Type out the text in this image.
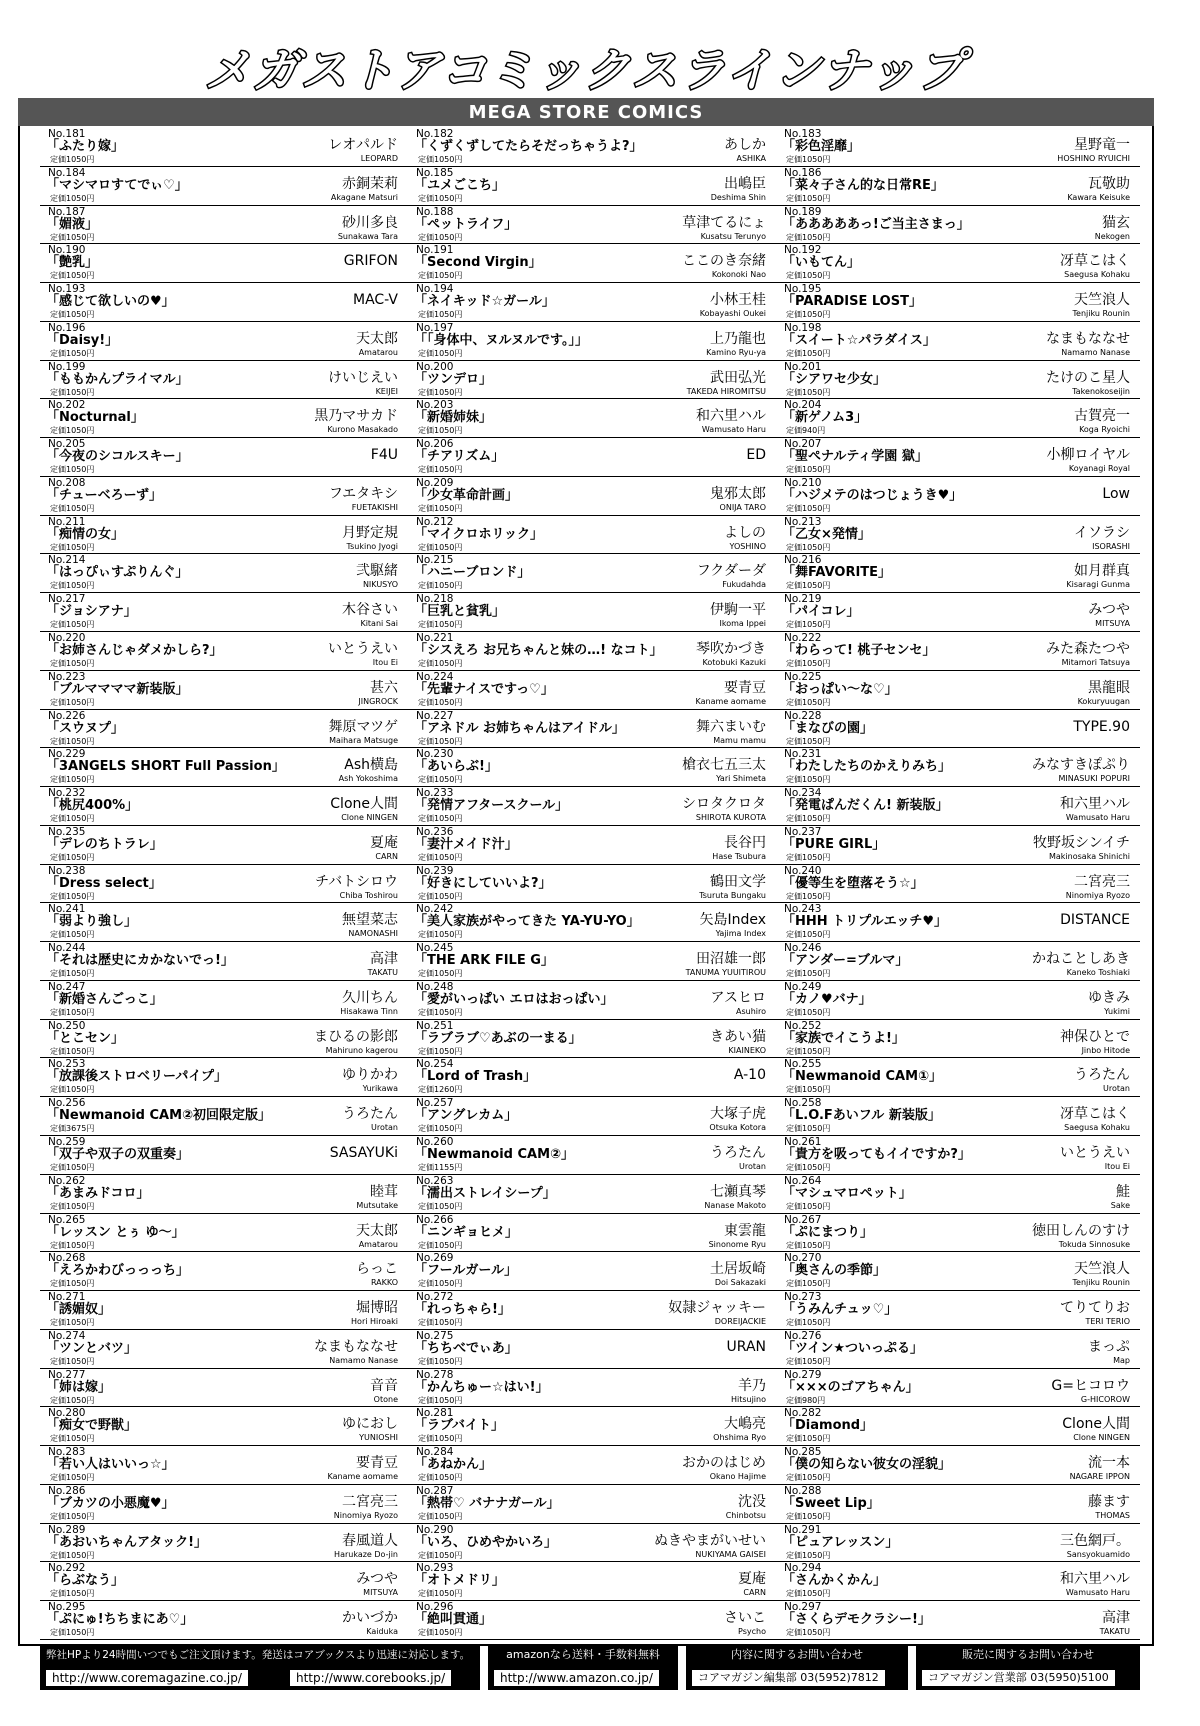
メガストアコミックスラインナップ
MEGA STORE COMICS
No.181
「ふたり嫁」
定価1050円
レオパルド
LEOPARD
No.182
「くずくずしてたらそだっちゃうよ?」
定価1050円
あしか
ASHIKA
No.183
「彩色淫靡」
定価1050円
星野竜一
HOSHINO RYUICHI
No.184
「マシマロすてでぃ♡」
定価1050円
赤銅茉莉
Akagane Matsuri
No.185
「ユメごこち」
定価1050円
出嶋臣
Deshima Shin
No.186
「菜々子さん的な日常RE」
定価1050円
瓦敬助
Kawara Keisuke
No.187
「媚液」
定価1050円
砂川多良
Sunakawa Tara
No.188
「ペットライフ」
定価1050円
草津てるにょ
Kusatsu Terunyo
No.189
「あああああっ!ご当主さまっ」
定価1050円
猫玄
Nekogen
No.190
「艶乳」
定価1050円
GRIFON
No.191
「Second Virgin」
定価1050円
ここのき奈緒
Kokonoki Nao
No.192
「いもてん」
定価1050円
冴草こはく
Saegusa Kohaku
No.193
「感じて欲しいの♥」
定価1050円
MAC-V
No.194
「ネイキッド☆ガール」
定価1050円
小林王桂
Kobayashi Oukei
No.195
「PARADISE LOST」
定価1050円
天竺浪人
Tenjiku Rounin
No.196
「Daisy!」
定価1050円
天太郎
Amatarou
No.197
「「身体中、ヌルヌルです。」」
定価1050円
上乃龍也
Kamino Ryu-ya
No.198
「スイート☆パラダイス」
定価1050円
なまもななせ
Namamo Nanase
No.199
「ももかんプライマル」
定価1050円
けいじえい
KEIJEI
No.200
「ツンデロ」
定価1050円
武田弘光
TAKEDA HIROMITSU
No.201
「シアワセ少女」
定価1050円
たけのこ星人
Takenokoseijin
No.202
「Nocturnal」
定価1050円
黒乃マサカド
Kurono Masakado
No.203
「新婚姉妹」
定価1050円
和六里ハル
Wamusato Haru
No.204
「新ゲノム3」
定価940円
古賀亮一
Koga Ryoichi
No.205
「今夜のシコルスキー」
定価1050円
F4U
No.206
「チアリズム」
定価1050円
ED
No.207
「聖ペナルティ学園 獄」
定価1050円
小柳ロイヤル
Koyanagi Royal
No.208
「チューベろーず」
定価1050円
フエタキシ
FUETAKISHI
No.209
「少女革命計画」
定価1050円
鬼邪太郎
ONIJA TARO
No.210
「ハジメテのはつじょうき♥」
定価1050円
Low
No.211
「痴情の女」
定価1050円
月野定規
Tsukino Jyogi
No.212
「マイクロホリック」
定価1050円
よしの
YOSHINO
No.213
「乙女×発情」
定価1050円
イソラシ
ISORASHI
No.214
「はっぴぃすぷりんぐ」
定価1050円
弐駆緒
NIKUSYO
No.215
「ハニーブロンド」
定価1050円
フクダーダ
Fukudahda
No.216
「舞FAVORITE」
定価1050円
如月群真
Kisaragi Gunma
No.217
「ジョシアナ」
定価1050円
木谷さい
Kitani Sai
No.218
「巨乳と貧乳」
定価1050円
伊駒一平
Ikoma Ippei
No.219
「パイコレ」
定価1050円
みつや
MITSUYA
No.220
「お姉さんじゃダメかしら?」
定価1050円
いとうえい
Itou Ei
No.221
「シスえろ お兄ちゃんと妹の…! なコト」
定価1050円
琴吹かづき
Kotobuki Kazuki
No.222
「わらって! 桃子センセ」
定価1050円
みた森たつや
Mitamori Tatsuya
No.223
「ブルママママ新装版」
定価1050円
甚六
JINGROCK
No.224
「先輩ナイスですっ♡」
定価1050円
要青豆
Kaname aomame
No.225
「おっぱい～な♡」
定価1050円
黒龍眼
Kokuryuugan
No.226
「スウヌプ」
定価1050円
舞原マツゲ
Maihara Matsuge
No.227
「アネドル お姉ちゃんはアイドル」
定価1050円
舞六まいむ
Mamu mamu
No.228
「まなびの園」
定価1050円
TYPE.90
No.229
「3ANGELS SHORT Full Passion」
定価1050円
Ash横島
Ash Yokoshima
No.230
「あいらぶ!」
定価1050円
槍衣七五三太
Yari Shimeta
No.231
「わたしたちのかえりみち」
定価1050円
みなすきぽぷり
MINASUKI POPURI
No.232
「桃尻400%」
定価1050円
Clone人間
Clone NINGEN
No.233
「発情アフタースクール」
定価1050円
シロタクロタ
SHIROTA KUROTA
No.234
「発電ぱんだくん! 新装版」
定価1050円
和六里ハル
Wamusato Haru
No.235
「デレのちトラレ」
定価1050円
夏庵
CARN
No.236
「妻汁メイド汁」
定価1050円
長谷円
Hase Tsubura
No.237
「PURE GIRL」
定価1050円
牧野坂シンイチ
Makinosaka Shinichi
No.238
「Dress select」
定価1050円
チバトシロウ
Chiba Toshirou
No.239
「好きにしていいよ?」
定価1050円
鶴田文学
Tsuruta Bungaku
No.240
「優等生を堕落そう☆」
定価1050円
二宮亮三
Ninomiya Ryozo
No.241
「弱より強し」
定価1050円
無望菜志
NAMONASHI
No.242
「美人家族がやってきた YA-YU-YO」
定価1050円
矢島Index
Yajima Index
No.243
「HHH トリプルエッチ♥」
定価1050円
DISTANCE
No.244
「それは歴史にカかないでっ!」
定価1050円
高津
TAKATU
No.245
「THE ARK FILE G」
定価1050円
田沼雄一郎
TANUMA YUUITIROU
No.246
「アンダー=ブルマ」
定価1050円
かねことしあき
Kaneko Toshiaki
No.247
「新婚さんごっこ」
定価1050円
久川ちん
Hisakawa Tinn
No.248
「愛がいっぱい エロはおっぱい」
定価1050円
アスヒロ
Asuhiro
No.249
「カノ♥バナ」
定価1050円
ゆきみ
Yukimi
No.250
「とこセン」
定価1050円
まひるの影郎
Mahiruno kagerou
No.251
「ラブラブ♡あぶの一まる」
定価1050円
きあい猫
KIAINEKO
No.252
「家族でイこうよ!」
定価1050円
神保ひとで
Jinbo Hitode
No.253
「放課後ストロベリーパイプ」
定価1050円
ゆりかわ
Yurikawa
No.254
「Lord of Trash」
定価1260円
A-10
No.255
「Newmanoid CAM①」
定価1050円
うろたん
Urotan
No.256
「Newmanoid CAM②初回限定版」
定価3675円
うろたん
Urotan
No.257
「アングレカム」
定価1050円
大塚子虎
Otsuka Kotora
No.258
「L.O.Fあいフル 新装版」
定価1050円
冴草こはく
Saegusa Kohaku
No.259
「双子や双子の双重奏」
定価1050円
SASAYUKi
No.260
「Newmanoid CAM②」
定価1155円
うろたん
Urotan
No.261
「貴方を吸ってもイイですか?」
定価1050円
いとうえい
Itou Ei
No.262
「あまみドコロ」
定価1050円
睦茸
Mutsutake
No.263
「濡出ストレイシープ」
定価1050円
七瀬真琴
Nanase Makoto
No.264
「マシュマロペット」
定価1050円
鮭
Sake
No.265
「レッスン とぅ ゆ～」
定価1050円
天太郎
Amatarou
No.266
「ニンギョヒメ」
定価1050円
東雲龍
Sinonome Ryu
No.267
「ぷにまつり」
定価1050円
徳田しんのすけ
Tokuda Sinnosuke
No.268
「えろかわびっっっち」
定価1050円
らっこ
RAKKO
No.269
「フールガール」
定価1050円
土居坂崎
Doi Sakazaki
No.270
「奥さんの季節」
定価1050円
天竺浪人
Tenjiku Rounin
No.271
「誘媚奴」
定価1050円
堀博昭
Hori Hiroaki
No.272
「れっちゃら!」
定価1050円
奴隷ジャッキー
DOREIJACKIE
No.273
「うみんチュッ♡」
定価1050円
てりてりお
TERI TERIO
No.274
「ツンとバツ」
定価1050円
なまもななせ
Namamo Nanase
No.275
「ちちべでぃあ」
定価1050円
URAN
No.276
「ツイン★ついっぷる」
定価1050円
まっぷ
Map
No.277
「姉は嫁」
定価1050円
音音
Otone
No.278
「かんちゅー☆はい!」
定価1050円
羊乃
Hitsujino
No.279
「×××のゴアちゃん」
定価980円
G=ヒコロウ
G-HICOROW
No.280
「痴女で野獣」
定価1050円
ゆにおし
YUNIOSHI
No.281
「ラブバイト」
定価1050円
大嶋亮
Ohshima Ryo
No.282
「Diamond」
定価1050円
Clone人間
Clone NINGEN
No.283
「若い人はいいっ☆」
定価1050円
要青豆
Kaname aomame
No.284
「あねかん」
定価1050円
おかのはじめ
Okano Hajime
No.285
「僕の知らない彼女の淫貌」
定価1050円
流一本
NAGARE IPPON
No.286
「ブカツの小悪魔♥」
定価1050円
二宮亮三
Ninomiya Ryozo
No.287
「熱帯♡ バナナガール」
定価1050円
沈没
Chinbotsu
No.288
「Sweet Lip」
定価1050円
藤ます
THOMAS
No.289
「あおいちゃんアタック!」
定価1050円
春風道人
Harukaze Do-jin
No.290
「いろ、ひめやかいろ」
定価1050円
ぬきやまがいせい
NUKIYAMA GAISEI
No.291
「ピュアレッスン」
定価1050円
三色網戸。
Sansyokuamido
No.292
「らぶなう」
定価1050円
みつや
MITSUYA
No.293
「オトメドリ」
定価1050円
夏庵
CARN
No.294
「さんかくかん」
定価1050円
和六里ハル
Wamusato Haru
No.295
「ぷにゅ!ちちまにあ♡」
定価1050円
かいづか
Kaiduka
No.296
「絶叫貫通」
定価1050円
さいこ
Psycho
No.297
「さくらデモクラシー!」
定価1050円
高津
TAKATU
弊社HPより24時間いつでもご注文頂けます。発送はコアブックスより迅速に対応します。
http://www.coremagazine.co.jp/	http://www.corebooks.jp/
amazonなら送料・手数料無料
http://www.amazon.co.jp/
内容に関するお問い合わせ
コアマガジン編集部 03(5952)7812
販売に関するお問い合わせ
コアマガジン営業部 03(5950)5100
